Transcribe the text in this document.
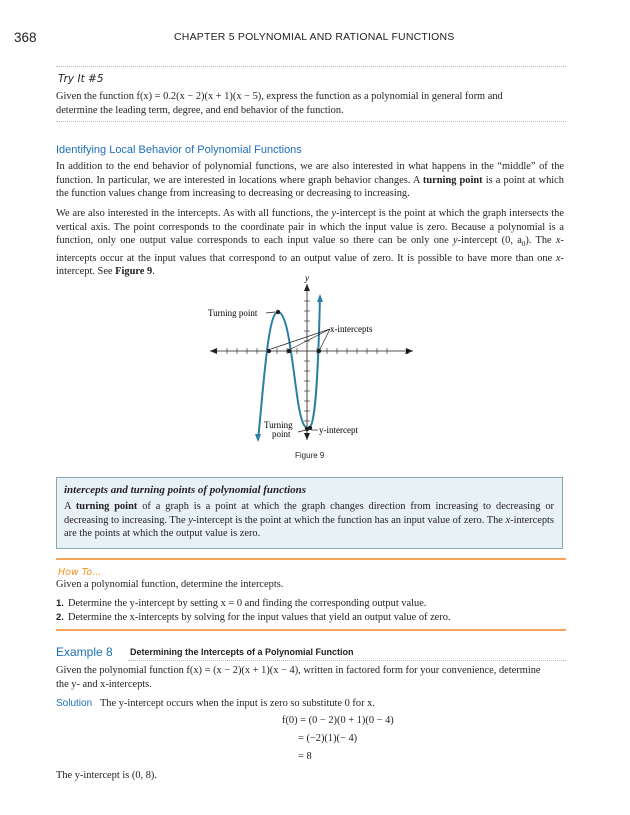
368	CHAPTER 5 POLYNOMIAL AND RATIONAL FUNCTIONS
Try It #5
Given the function f(x) = 0.2(x − 2)(x + 1)(x − 5), express the function as a polynomial in general form and
determine the leading term, degree, and end behavior of the function.
Identifying Local Behavior of Polynomial Functions
In addition to the end behavior of polynomial functions, we are also interested in what happens in the “middle” of the function. In particular, we are interested in locations where graph behavior changes. A turning point is a point at which the function values change from increasing to decreasing or decreasing to increasing.
We are also interested in the intercepts. As with all functions, the y-intercept is the point at which the graph intersects the vertical axis. The point corresponds to the coordinate pair in which the input value is zero. Because a polynomial is a function, only one output value corresponds to each input value so there can be only one y-intercept (0, $a_0$). The x-intercepts occur at the input values that correspond to an output value of zero. It is possible to have more than one x-intercept. See Figure 9.
y
x
Turning point
x-intercepts
Turning
point	y-intercept
Figure 9
intercepts and turning points of polynomial functions
A turning point of a graph is a point at which the graph changes direction from increasing to decreasing or decreasing to increasing. The y-intercept is the point at which the function has an input value of zero. The x-intercepts are the points at which the output value is zero.
How To...
Given a polynomial function, determine the intercepts.
1. Determine the y-intercept by setting x = 0 and finding the corresponding output value.
2. Determine the x-intercepts by solving for the input values that yield an output value of zero.
Example 8 Determining the Intercepts of a Polynomial Function
Given the polynomial function f(x) = (x − 2)(x + 1)(x − 4), written in factored form for your convenience, determine
the y- and x-intercepts.
Solution The y-intercept occurs when the input is zero so substitute 0 for x.
f(0) = (0 − 2)(0 + 1)(0 − 4)
= (−2)(1)(− 4)
= 8
The y-intercept is (0, 8).
